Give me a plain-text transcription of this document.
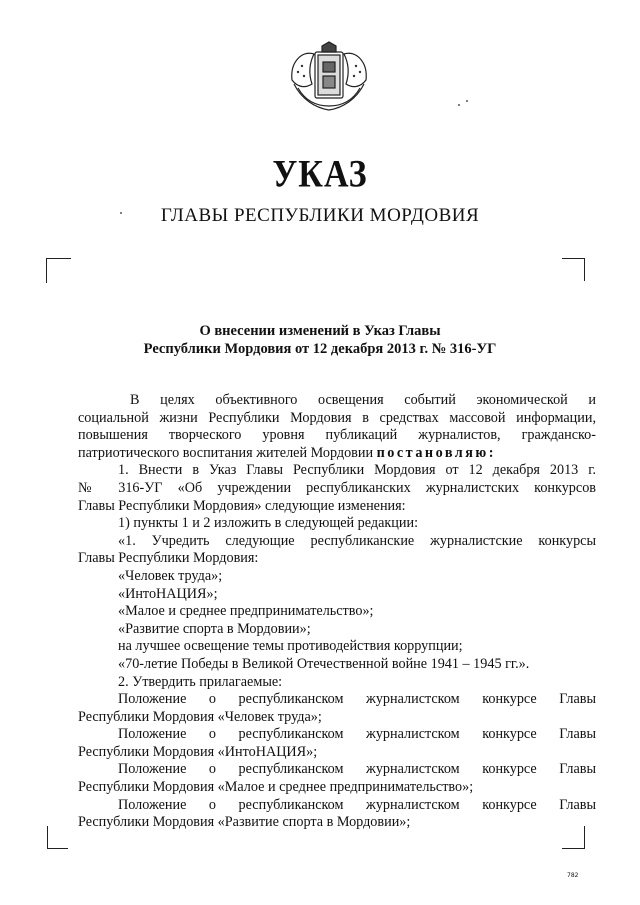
УКАЗ
ГЛАВЫ РЕСПУБЛИКИ МОРДОВИЯ
О внесении изменений в Указ Главы
Республики Мордовия от 12 декабря 2013 г. № 316-УГ

В целях объективного освещения событий экономической и

социальной жизни Республики Мордовия в средствах массовой информации,

повышения творческого уровня публикаций журналистов, гражданско-

патриотического воспитания жителей Мордовии постановляю:

1. Внести в Указ Главы Республики Мордовия от 12 декабря 2013 г.

№ 316-УГ «Об учреждении республиканских журналистских конкурсов

Главы Республики Мордовия» следующие изменения:

1) пункты 1 и 2 изложить в следующей редакции:

«1. Учредить следующие республиканские журналистские конкурсы

Главы Республики Мордовия:

«Человек труда»;

«ИнтоНАЦИЯ»;

«Малое и среднее предпринимательство»;

«Развитие спорта в Мордовии»;

на лучшее освещение темы противодействия коррупции;

«70-летие Победы в Великой Отечественной войне 1941 – 1945 гг.».

2. Утвердить прилагаемые:

Положение о республиканском журналистском конкурсе Главы

Республики Мордовия «Человек труда»;

Положение о республиканском журналистском конкурсе Главы

Республики Мордовия «ИнтоНАЦИЯ»;

Положение о республиканском журналистском конкурсе Главы

Республики Мордовия «Малое и среднее предпринимательство»;

Положение о республиканском журналистском конкурсе Главы

Республики Мордовия «Развитие спорта в Мордовии»;

782
